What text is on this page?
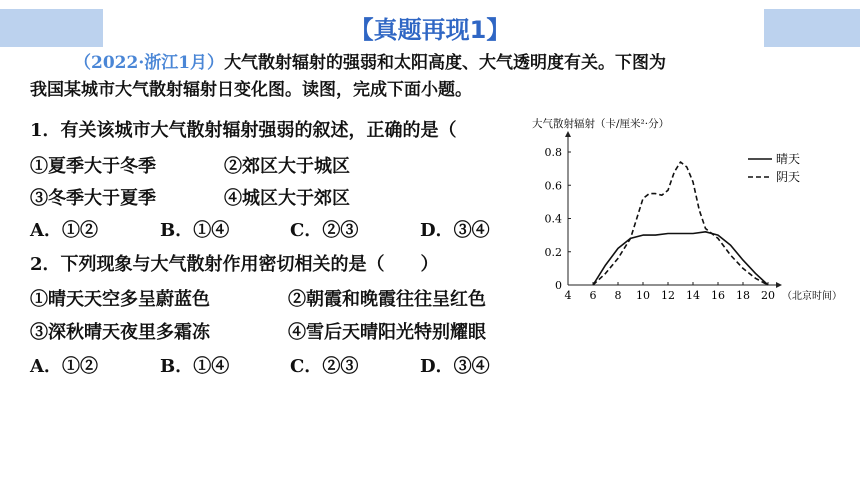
【真题再现1】
（2022·浙江1月）大气散射辐射的强弱和太阳高度、大气透明度有关。下图为
我国某城市大气散射辐射日变化图。读图，完成下面小题。
1．有关该城市大气散射辐射强弱的叙述，正确的是（
①夏季大于冬季	②郊区大于城区
③冬季大于夏季	④城区大于郊区
A．①②	B．①④	C．②③	D．③④
2．下列现象与大气散射作用密切相关的是（　　）
①晴天天空多呈蔚蓝色	②朝霞和晚霞往往呈红色
③深秋晴天夜里多霜冻	④雪后天晴阳光特别耀眼
A．①②	B．①④	C．②③	D．③④
大气散射辐射（卡/厘米²·分）
（北京时间）
4 6 8 10 12 14 16 18 20
0
0.2
0.4
0.6
0.8	晴天
阴天
